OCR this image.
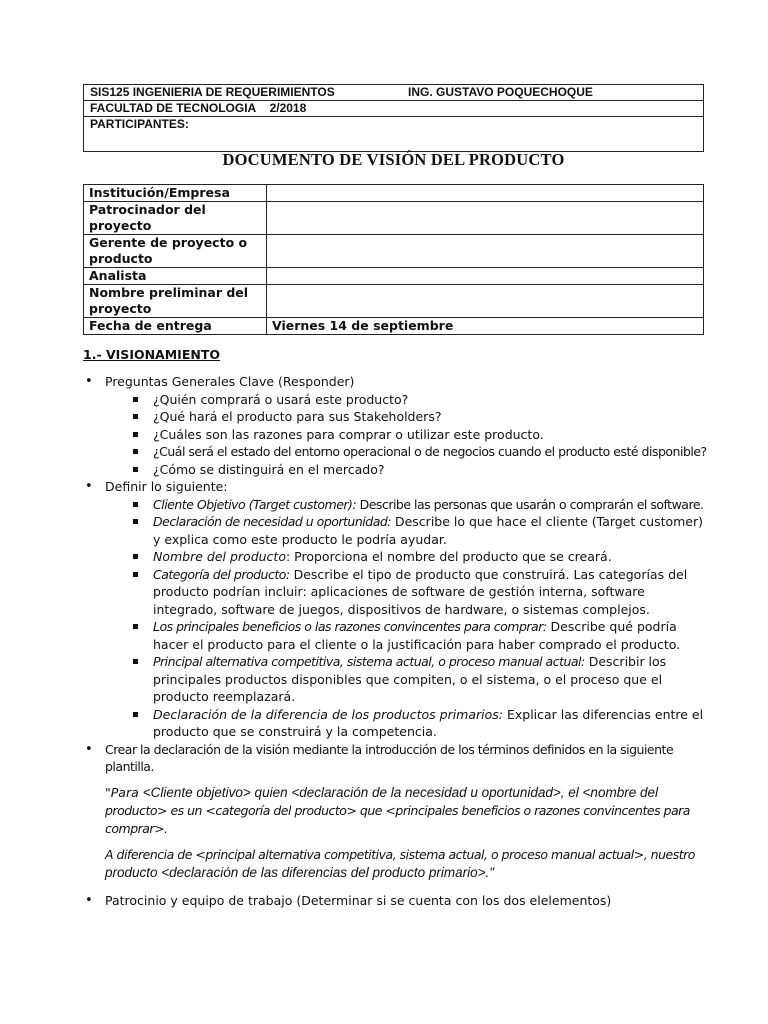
SIS125 INGENIERIA DE REQUERIMIENTOS	ING. GUSTAVO POQUECHOQUE
FACULTAD DE TECNOLOGIA 2/2018
PARTICIPANTES:
DOCUMENTO DE VISIÓN DEL PRODUCTO
Institución/Empresa	
Patrocinador del proyecto	
Gerente de proyecto o producto	
Analista	
Nombre preliminar del proyecto	
Fecha de entrega	Viernes 14 de septiembre
1.- VISIONAMIENTO
• Preguntas Generales Clave (Responder)
¿Quién comprará o usará este producto?
¿Qué hará el producto para sus Stakeholders?
¿Cuáles son las razones para comprar o utilizar este producto.
¿Cuál será el estado del entorno operacional o de negocios cuando el producto esté disponible?
¿Cómo se distinguirá en el mercado?
• Definir lo siguiente:
Cliente Objetivo (Target customer): Describe las personas que usarán o comprarán el software.
Declaración de necesidad u oportunidad: Describe lo que hace el cliente (Target customer) y explica como este producto le podría ayudar.
Nombre del producto: Proporciona el nombre del producto que se creará.
Categoría del producto: Describe el tipo de producto que construirá. Las categorías del producto podrían incluir: aplicaciones de software de gestión interna, software integrado, software de juegos, dispositivos de hardware, o sistemas complejos.
Los principales beneficios o las razones convincentes para comprar: Describe qué podría hacer el producto para el cliente o la justificación para haber comprado el producto.
Principal alternativa competitiva, sistema actual, o proceso manual actual: Describir los principales productos disponibles que compiten, o el sistema, o el proceso que el producto reemplazará.
Declaración de la diferencia de los productos primarios: Explicar las diferencias entre el producto que se construirá y la competencia.
• Crear la declaración de la visión mediante la introducción de los términos definidos en la siguiente plantilla.
"Para <Cliente objetivo> quien <declaración de la necesidad u oportunidad>, el <nombre del
producto> es un <categoría del producto> que <principales beneficios o razones convincentes para comprar>.
A diferencia de <principal alternativa competitiva, sistema actual, o proceso manual actual>, nuestro
producto <declaración de las diferencias del producto primario>."
• Patrocinio y equipo de trabajo (Determinar si se cuenta con los dos elelementos)
